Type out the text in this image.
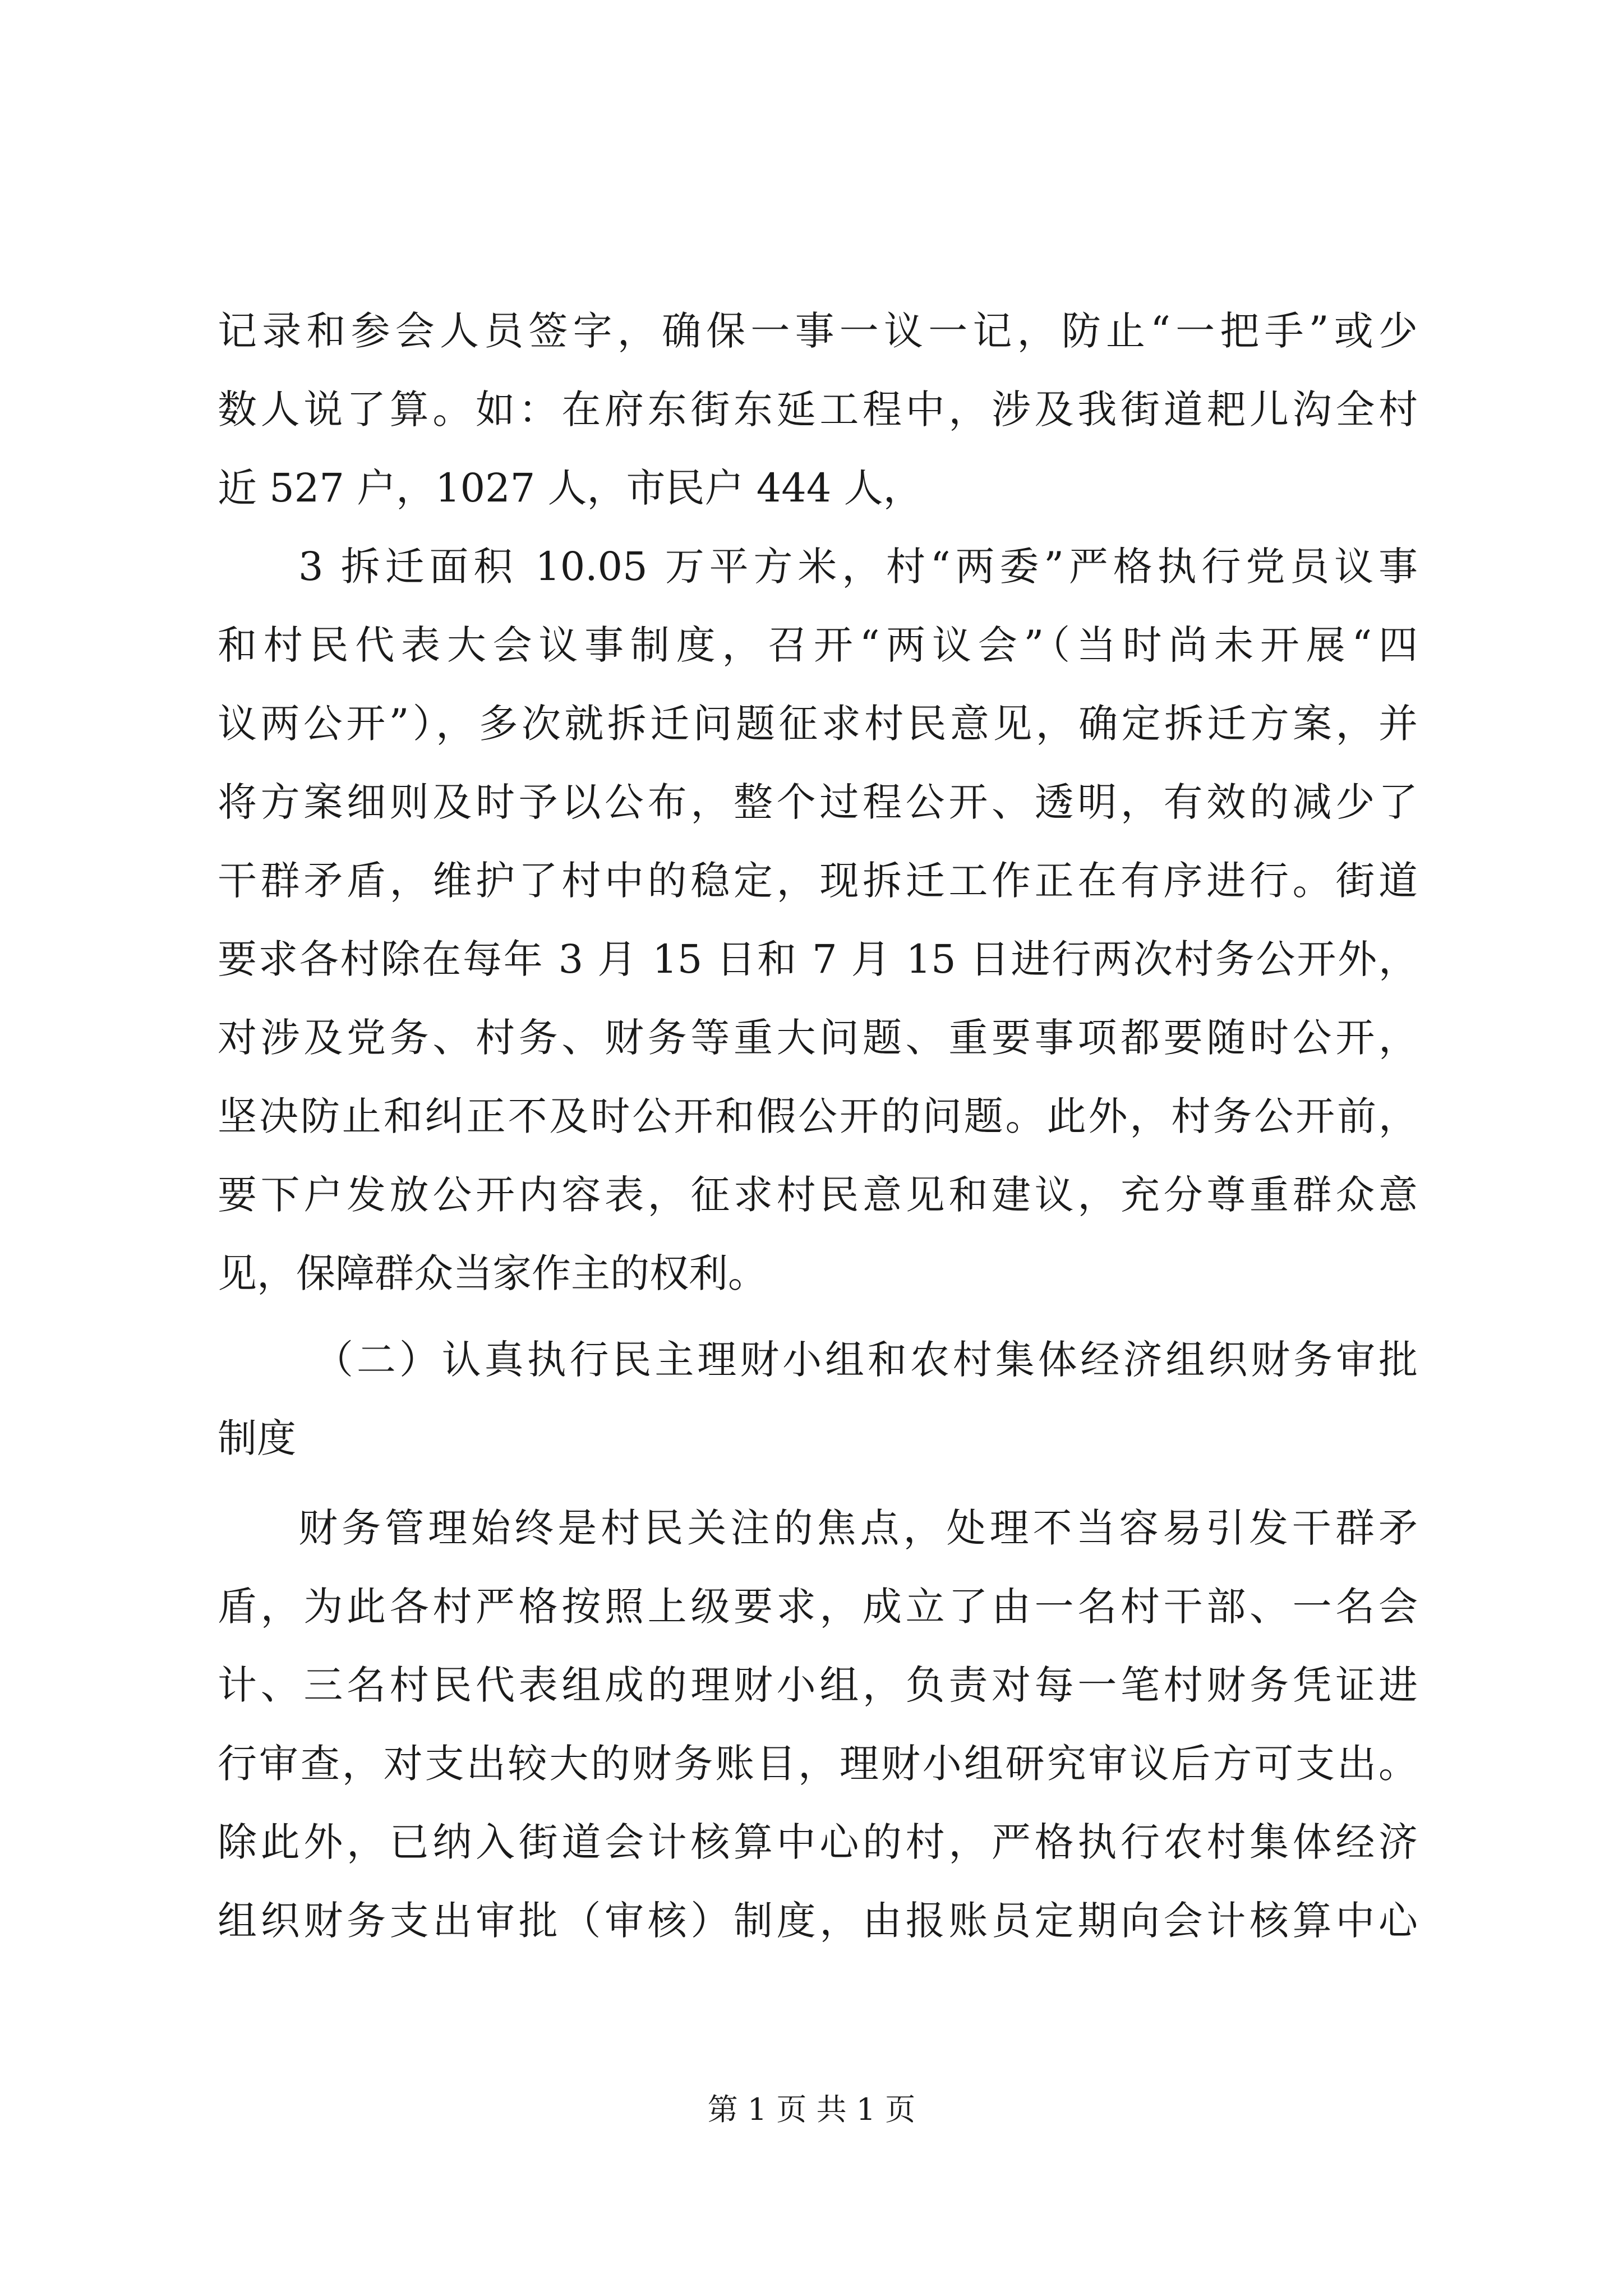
记录和参会人员签字，确保一事一议一记，防止“一把手”或少
数人说了算。如：在府东街东延工程中，涉及我街道耙儿沟全村
近 527 户，1027 人，市民户 444 人，
3 拆迁面积 10.05 万平方米，村“两委”严格执行党员议事
和村民代表大会议事制度，召开“两议会”（当时尚未开展“四
议两公开”），多次就拆迁问题征求村民意见，确定拆迁方案，并
将方案细则及时予以公布，整个过程公开、透明，有效的减少了
干群矛盾，维护了村中的稳定，现拆迁工作正在有序进行。街道
要求各村除在每年 3 月 15 日和 7 月 15 日进行两次村务公开外，
对涉及党务、村务、财务等重大问题、重要事项都要随时公开，
坚决防止和纠正不及时公开和假公开的问题。此外，村务公开前，
要下户发放公开内容表，征求村民意见和建议，充分尊重群众意
见，保障群众当家作主的权利。
（二）认真执行民主理财小组和农村集体经济组织财务审批
制度
财务管理始终是村民关注的焦点，处理不当容易引发干群矛
盾，为此各村严格按照上级要求，成立了由一名村干部、一名会
计、三名村民代表组成的理财小组，负责对每一笔村财务凭证进
行审查，对支出较大的财务账目，理财小组研究审议后方可支出。
除此外，已纳入街道会计核算中心的村，严格执行农村集体经济
组织财务支出审批（审核）制度，由报账员定期向会计核算中心
第 1 页 共 1 页
